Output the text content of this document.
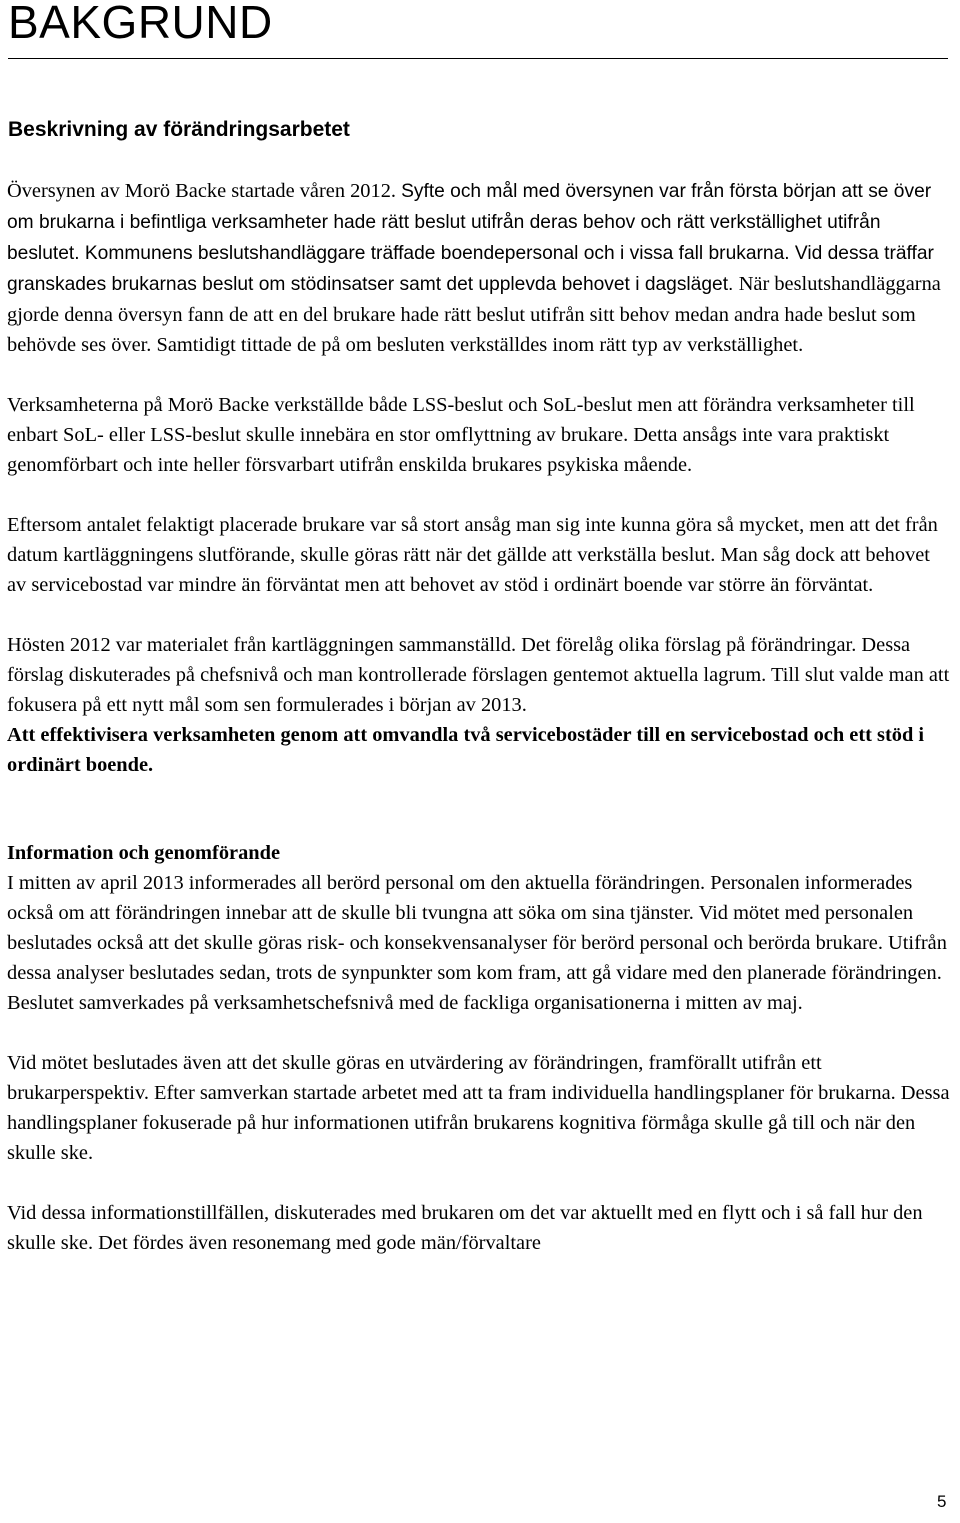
BAKGRUND
Beskrivning av förändringsarbetet

Översynen av Morö Backe startade våren 2012. Syfte och mål med översynen var från första början att se över om brukarna i befintliga verksamheter hade rätt beslut utifrån deras behov och rätt verkställighet utifrån beslutet. Kommunens beslutshandläggare träffade boendepersonal och i vissa fall brukarna. Vid dessa träffar granskades brukarnas beslut om stödinsatser samt det upplevda behovet i dagsläget. När beslutshandläggarna gjorde denna översyn fann de att en del brukare hade rätt beslut utifrån sitt behov medan andra hade beslut som behövde ses över. Samtidigt tittade de på om besluten verkställdes inom rätt typ av verkställighet.

Verksamheterna på Morö Backe verkställde både LSS-beslut och SoL-beslut men att förändra verksamheter till enbart SoL- eller LSS-beslut skulle innebära en stor omflyttning av brukare. Detta ansågs inte vara praktiskt genomförbart och inte heller försvarbart utifrån enskilda brukares psykiska mående.

Eftersom antalet felaktigt placerade brukare var så stort ansåg man sig inte kunna göra så mycket, men att det från datum kartläggningens slutförande, skulle göras rätt när det gällde att verkställa beslut. Man såg dock att behovet av servicebostad var mindre än förväntat men att behovet av stöd i ordinärt boende var större än förväntat.

Hösten 2012 var materialet från kartläggningen sammanställd. Det förelåg olika förslag på förändringar. Dessa förslag diskuterades på chefsnivå och man kontrollerade förslagen gentemot aktuella lagrum. Till slut valde man att fokusera på ett nytt mål som sen formulerades i början av 2013.

Att effektivisera verksamheten genom att omvandla två servicebostäder till en servicebostad och ett stöd i ordinärt boende.

Information och genomförande

I mitten av april 2013 informerades all berörd personal om den aktuella förändringen. Personalen informerades också om att förändringen innebar att de skulle bli tvungna att söka om sina tjänster. Vid mötet med personalen beslutades också att det skulle göras risk- och konsekvensanalyser för berörd personal och berörda brukare. Utifrån dessa analyser beslutades sedan, trots de synpunkter som kom fram, att gå vidare med den planerade förändringen. Beslutet samverkades på verksamhetschefsnivå med de fackliga organisationerna i mitten av maj.

Vid mötet beslutades även att det skulle göras en utvärdering av förändringen, framförallt utifrån ett brukarperspektiv. Efter samverkan startade arbetet med att ta fram individuella handlingsplaner för brukarna. Dessa handlingsplaner fokuserade på hur informationen utifrån brukarens kognitiva förmåga skulle gå till och när den skulle ske.

Vid dessa informationstillfällen, diskuterades med brukaren om det var aktuellt med en flytt och i så fall hur den skulle ske. Det fördes även resonemang med gode män/förvaltare

5
